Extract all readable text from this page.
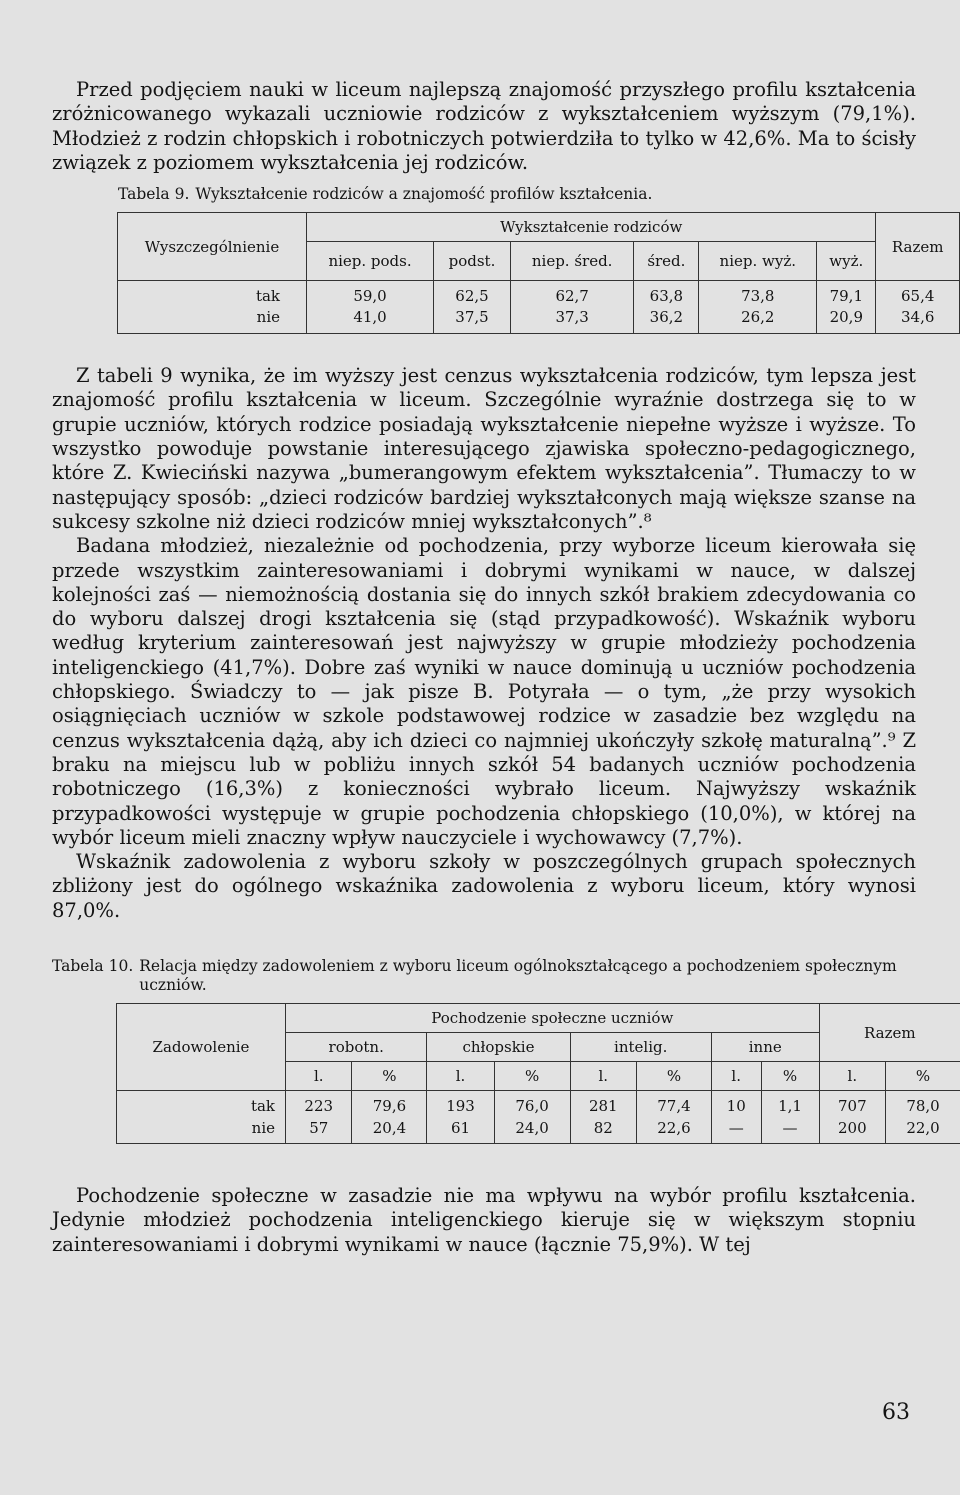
Przed podjęciem nauki w liceum najlepszą znajomość przyszłego profilu kształcenia zróżnicowanego wykazali uczniowie rodziców z wykształceniem wyższym (79,1%). Młodzież z rodzin chłopskich i robotniczych potwierdziła to tylko w 42,6%. Ma to ścisły związek z poziomem wykształcenia jej rodziców.

Tabela 9. Wykształcenie rodziców a znajomość profilów kształcenia.
Wyszczególnienie	Wykształcenie rodziców						Razem
	niep. pods.	podst.	niep. śred.	śred.	niep. wyż.	wyż.	
tak	59,0	62,5	62,7	63,8	73,8	79,1	65,4
nie	41,0	37,5	37,3	36,2	26,2	20,9	34,6

Z tabeli 9 wynika, że im wyższy jest cenzus wykształcenia rodziców, tym lepsza jest znajomość profilu kształcenia w liceum. Szczególnie wyraźnie dostrzega się to w grupie uczniów, których rodzice posiadają wykształcenie niepełne wyższe i wyższe. To wszystko powoduje powstanie interesującego zjawiska społeczno-pedagogicznego, które Z. Kwieciński nazywa „bumerangowym efektem wykształcenia”. Tłumaczy to w następujący sposób: „dzieci rodziców bardziej wykształconych mają większe szanse na sukcesy szkolne niż dzieci rodziców mniej wykształconych”.⁸

Badana młodzież, niezależnie od pochodzenia, przy wyborze liceum kierowała się przede wszystkim zainteresowaniami i dobrymi wynikami w nauce, w dalszej kolejności zaś — niemożnością dostania się do innych szkół brakiem zdecydowania co do wyboru dalszej drogi kształcenia się (stąd przypadkowość). Wskaźnik wyboru według kryterium zainteresowań jest najwyższy w grupie młodzieży pochodzenia inteligenckiego (41,7%). Dobre zaś wyniki w nauce dominują u uczniów pochodzenia chłopskiego. Świadczy to — jak pisze B. Potyrała — o tym, „że przy wysokich osiągnięciach uczniów w szkole podstawowej rodzice w zasadzie bez względu na cenzus wykształcenia dążą, aby ich dzieci co najmniej ukończyły szkołę maturalną”.⁹ Z braku na miejscu lub w pobliżu innych szkół 54 badanych uczniów pochodzenia robotniczego (16,3%) z konieczności wybrało liceum. Najwyższy wskaźnik przypadkowości występuje w grupie pochodzenia chłopskiego (10,0%), w której na wybór liceum mieli znaczny wpływ nauczyciele i wychowawcy (7,7%).

Wskaźnik zadowolenia z wyboru szkoły w poszczególnych grupach społecznych zbliżony jest do ogólnego wskaźnika zadowolenia z wyboru liceum, który wynosi 87,0%.

Tabela 10. Relacja między zadowoleniem z wyboru liceum ogólnokształcącego a pochodzeniem społecznym uczniów.
Zadowolenie	Pochodzenie społeczne uczniów								Razem	
	robotn.		chłopskie		intelig.		inne			
	l.	%	l.	%	l.	%	l.	%	l.	%
tak	223	79,6	193	76,0	281	77,4	10	1,1	707	78,0
nie	57	20,4	61	24,0	82	22,6	—	—	200	22,0

Pochodzenie społeczne w zasadzie nie ma wpływu na wybór profilu kształcenia. Jedynie młodzież pochodzenia inteligenckiego kieruje się w większym stopniu zainteresowaniami i dobrymi wynikami w nauce (łącznie 75,9%). W tej

63
